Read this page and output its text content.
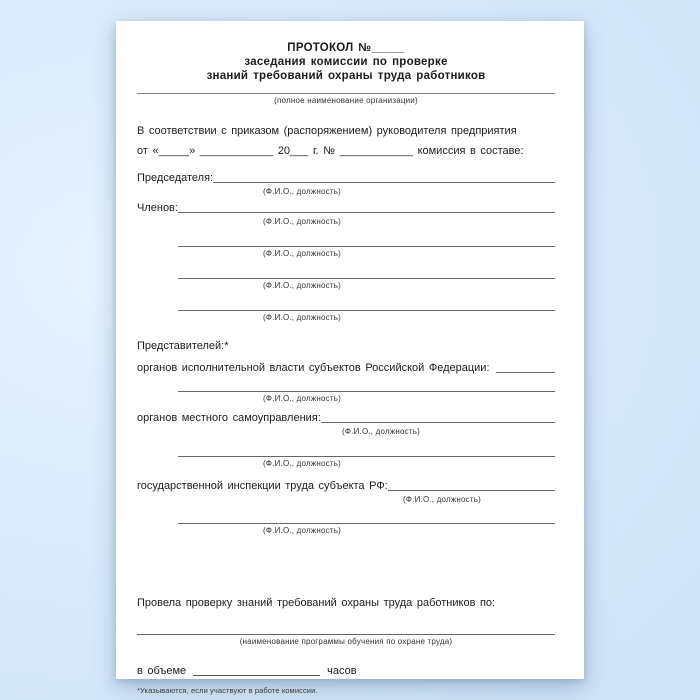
ПРОТОКОЛ №_____
заседания комиссии по проверке
знаний требований охраны труда работников
(полное наименование организации)
В соответствии с приказом (распоряжением) руководителя предприятия
от «_____» ____________ 20___ г. № ____________ комиссия в составе:
Председателя:
(Ф.И.О., должность)
Членов:
(Ф.И.О., должность)
(Ф.И.О., должность)
(Ф.И.О., должность)
(Ф.И.О., должность)
Представителей:*
органов исполнительной власти субъектов Российской Федерации:
(Ф.И.О., должность)
органов местного самоуправления:
(Ф.И.О., должность)
(Ф.И.О., должность)
государственной инспекции труда субъекта РФ:
(Ф.И.О., должность)
(Ф.И.О., должность)
Провела проверку знаний требований охраны труда работников по:
(наименование программы обучения по охране труда)
в объеме	часов
*Указываются, если участвуют в работе комиссии.
